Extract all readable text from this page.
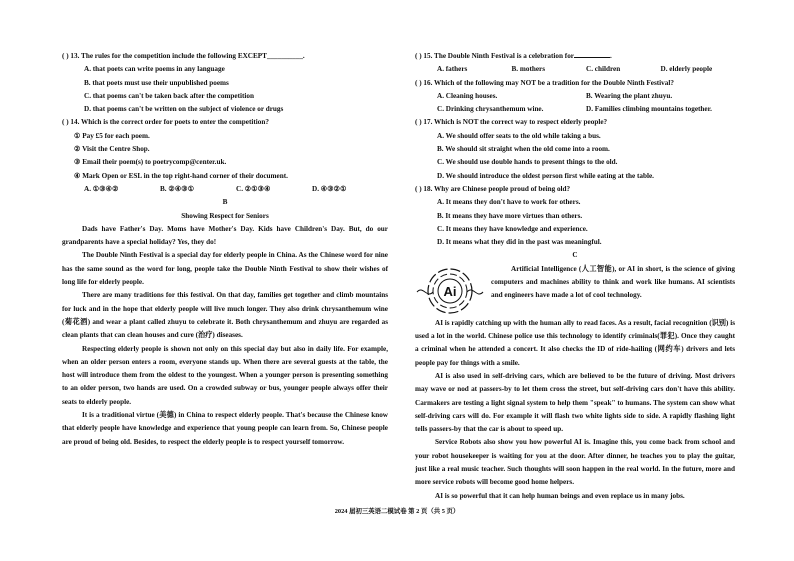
( ) 13. The rules for the competition include the following EXCEPT__________.

A. that poets can write poems in any language

B. that poets must use their unpublished poems

C. that poems can't be taken back after the competition

D. that poems can't be written on the subject of violence or drugs

( ) 14. Which is the correct order for poets to enter the competition?

① Pay £5 for each poem.

② Visit the Centre Shop.

③ Email their poem(s) to poetrycomp@center.uk.

④ Mark Open or ESL in the top right-hand corner of their document.

A. ①③④②	B. ②④③①	C. ②①③④	D. ④③②①

B

Showing Respect for Seniors

Dads have Father's Day. Moms have Mother's Day. Kids have Children's Day. But, do our grandparents have a special holiday? Yes, they do!

The Double Ninth Festival is a special day for elderly people in China. As the Chinese word for nine has the same sound as the word for long, people take the Double Ninth Festival to show their wishes of long life for elderly people.

There are many traditions for this festival. On that day, families get together and climb mountains for luck and in the hope that elderly people will live much longer. They also drink chrysanthemum wine (菊花酒) and wear a plant called zhuyu to celebrate it. Both chrysanthemum and zhuyu are regarded as clean plants that can clean houses and cure (治疗) diseases.

Respecting elderly people is shown not only on this special day but also in daily life. For example, when an older person enters a room, everyone stands up. When there are several guests at the table, the host will introduce them from the oldest to the youngest. When a younger person is presenting something to an older person, two hands are used. On a crowded subway or bus, younger people always offer their seats to elderly people.

It is a traditional virtue (美德) in China to respect elderly people. That's because the Chinese know that elderly people have knowledge and experience that young people can learn from. So, Chinese people are proud of being old. Besides, to respect the elderly people is to respect yourself tomorrow.

( ) 15. The Double Ninth Festival is a celebration for	.

A. fathers	B. mothers	C. children	D. elderly people

( ) 16. Which of the following may NOT be a tradition for the Double Ninth Festival?

A. Cleaning houses.	B. Wearing the plant zhuyu.
C. Drinking chrysanthemum wine.	D. Families climbing mountains together.

( ) 17. Which is NOT the correct way to respect elderly people?

A. We should offer seats to the old while taking a bus.

B. We should sit straight when the old come into a room.

C. We should use double hands to present things to the old.

D. We should introduce the oldest person first while eating at the table.

( ) 18. Why are Chinese people proud of being old?

A. It means they don't have to work for others.

B. It means they have more virtues than others.

C. It means they have knowledge and experience.

D. It means what they did in the past was meaningful.

C

Ai

Artificial Intelligence (人工智能), or AI in short, is the science of giving computers and machines ability to think and work like humans. AI scientists and engineers have made a lot of cool technology.

AI is rapidly catching up with the human ally to read faces. As a result, facial recognition (识别) is used a lot in the world. Chinese police use this technology to identify criminals(罪犯). Once they caught a criminal when he attended a concert. It also checks the ID of ride-hailing (网约车) drivers and lets people pay for things with a smile.

AI is also used in self-driving cars, which are believed to be the future of driving. Most drivers may wave or nod at passers-by to let them cross the street, but self-driving cars don't have this ability. Carmakers are testing a light signal system to help them "speak" to humans. The system can show what self-driving cars will do. For example it will flash two white lights side to side. A rapidly flashing light tells passers-by that the car is about to speed up.

Service Robots also show you how powerful AI is. Imagine this, you come back from school and your robot housekeeper is waiting for you at the door. After dinner, he teaches you to play the guitar, just like a real music teacher. Such thoughts will soon happen in the real world. In the future, more and more service robots will become good home helpers.

AI is so powerful that it can help human beings and even replace us in many jobs.

2024 届初三英语二模试卷 第 2 页（共 5 页）
